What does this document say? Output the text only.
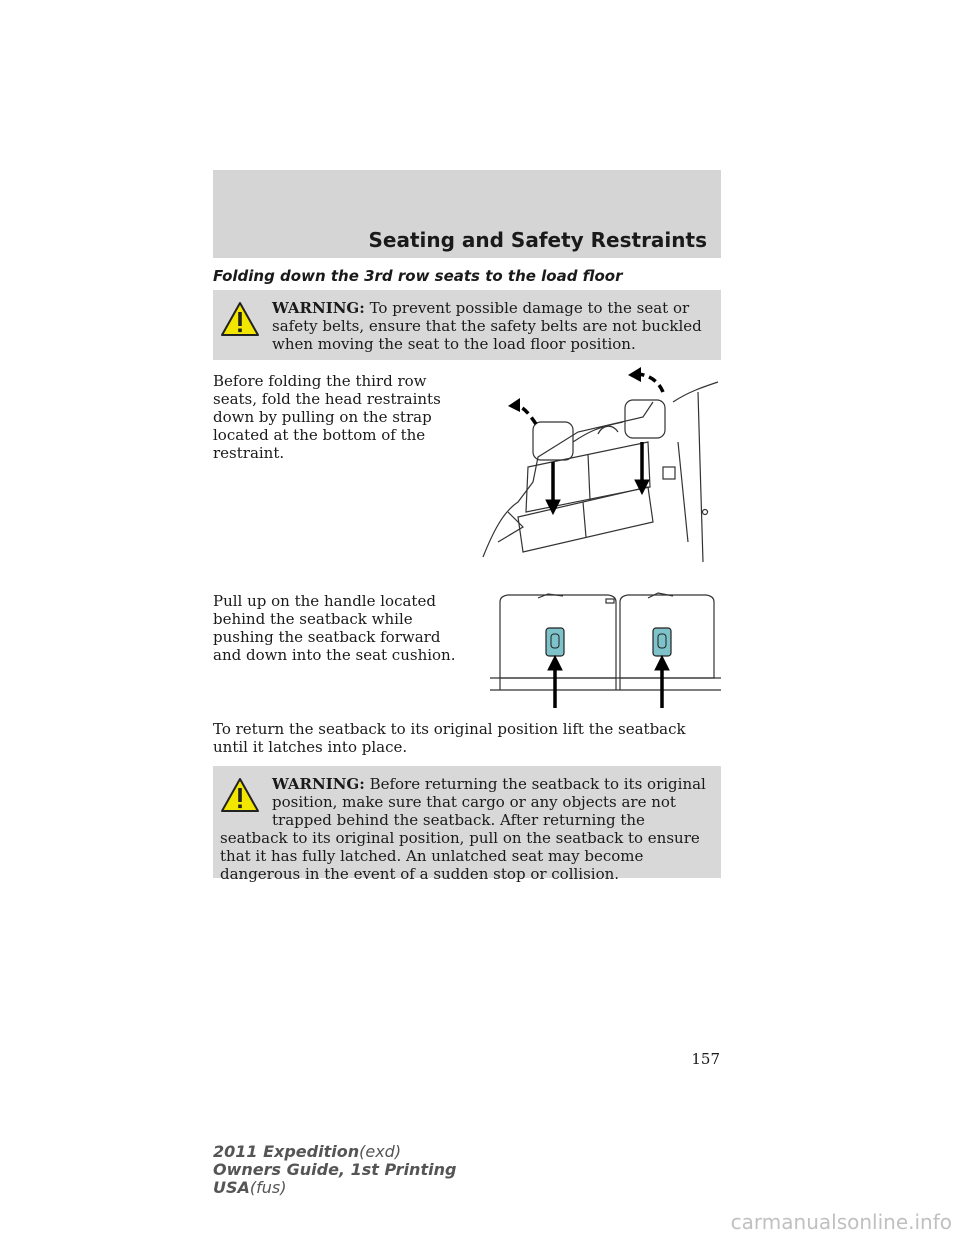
Seating and Safety Restraints
Folding down the 3rd row seats to the load floor
WARNING: To prevent possible damage to the seat or safety belts, ensure that the safety belts are not buckled when moving the seat to the load floor position.
Before folding the third row seats, fold the head restraints down by pulling on the strap located at the bottom of the restraint.
Pull up on the handle located behind the seatback while pushing the seatback forward and down into the seat cushion.
To return the seatback to its original position lift the seatback until it latches into place.
WARNING: Before returning the seatback to its original position, make sure that cargo or any objects are not trapped behind the seatback. After returning the seatback to its original position, pull on the seatback to ensure that it has fully latched. An unlatched seat may become dangerous in the event of a sudden stop or collision.
157
2011 Expedition(exd)
Owners Guide, 1st Printing
USA(fus)
carmanualsonline.info
